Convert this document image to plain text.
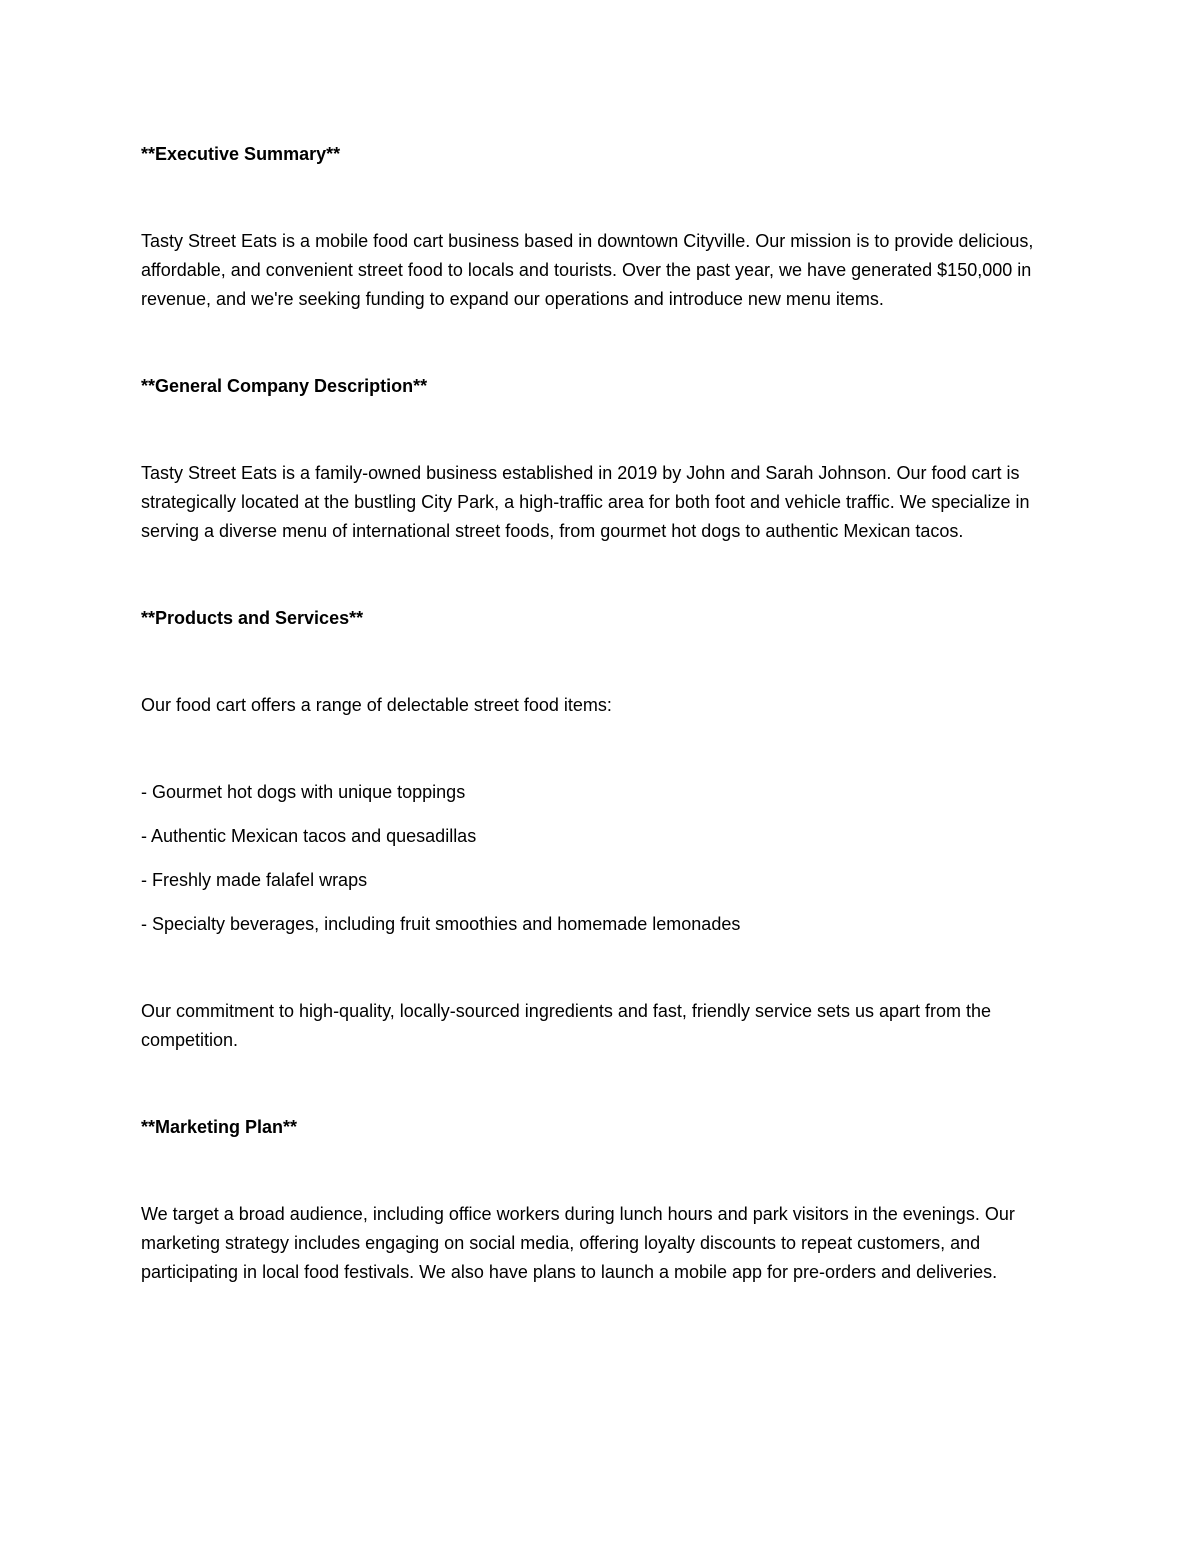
**Executive Summary**

Tasty Street Eats is a mobile food cart business based in downtown Cityville. Our mission is to provide delicious, affordable, and convenient street food to locals and tourists. Over the past year, we have generated $150,000 in revenue, and we're seeking funding to expand our operations and introduce new menu items.

**General Company Description**

Tasty Street Eats is a family-owned business established in 2019 by John and Sarah Johnson. Our food cart is strategically located at the bustling City Park, a high-traffic area for both foot and vehicle traffic. We specialize in serving a diverse menu of international street foods, from gourmet hot dogs to authentic Mexican tacos.

**Products and Services**

Our food cart offers a range of delectable street food items:

- Gourmet hot dogs with unique toppings
- Authentic Mexican tacos and quesadillas
- Freshly made falafel wraps
- Specialty beverages, including fruit smoothies and homemade lemonades

Our commitment to high-quality, locally-sourced ingredients and fast, friendly service sets us apart from the competition.

**Marketing Plan**

We target a broad audience, including office workers during lunch hours and park visitors in the evenings. Our marketing strategy includes engaging on social media, offering loyalty discounts to repeat customers, and participating in local food festivals. We also have plans to launch a mobile app for pre-orders and deliveries.
